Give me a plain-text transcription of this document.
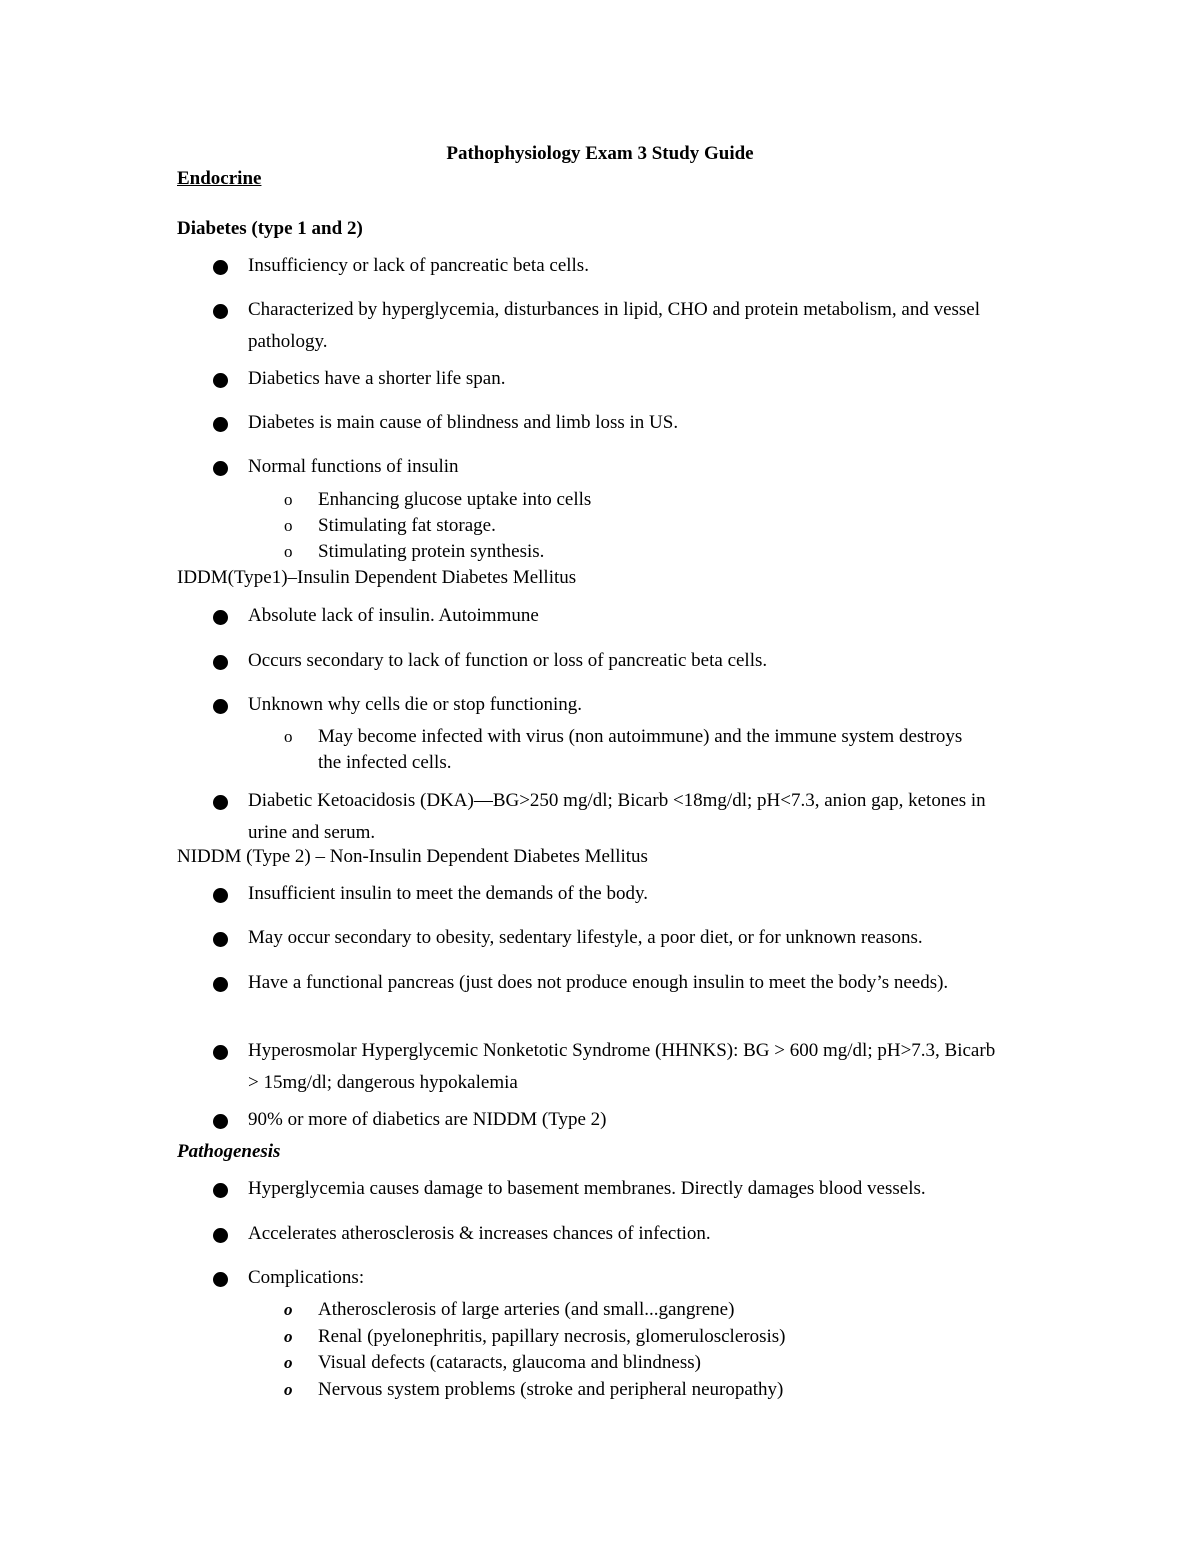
Pathophysiology Exam 3 Study Guide
Endocrine
Diabetes (type 1 and 2)
Insufficiency or lack of pancreatic beta cells.
Characterized by hyperglycemia, disturbances in lipid, CHO and protein metabolism, and vessel pathology.
Diabetics have a shorter life span.
Diabetes is main cause of blindness and limb loss in US.
Normal functions of insulin
o Enhancing glucose uptake into cells
o Stimulating fat storage.
o Stimulating protein synthesis.
IDDM(Type1)–Insulin Dependent Diabetes Mellitus
Absolute lack of insulin. Autoimmune
Occurs secondary to lack of function or loss of pancreatic beta cells.
Unknown why cells die or stop functioning.
o May become infected with virus (non autoimmune) and the immune system destroys the infected cells.
Diabetic Ketoacidosis (DKA)—BG>250 mg/dl; Bicarb <18mg/dl; pH<7.3, anion gap, ketones in urine and serum.
NIDDM (Type 2) – Non-Insulin Dependent Diabetes Mellitus
Insufficient insulin to meet the demands of the body.
May occur secondary to obesity, sedentary lifestyle, a poor diet, or for unknown reasons.
Have a functional pancreas (just does not produce enough insulin to meet the body’s needs).
Hyperosmolar Hyperglycemic Nonketotic Syndrome (HHNKS): BG > 600 mg/dl; pH>7.3, Bicarb > 15mg/dl; dangerous hypokalemia
90% or more of diabetics are NIDDM (Type 2)
Pathogenesis
Hyperglycemia causes damage to basement membranes. Directly damages blood vessels.
Accelerates atherosclerosis & increases chances of infection.
Complications:
o Atherosclerosis of large arteries (and small...gangrene)
o Renal (pyelonephritis, papillary necrosis, glomerulosclerosis)
o Visual defects (cataracts, glaucoma and blindness)
o Nervous system problems (stroke and peripheral neuropathy)
